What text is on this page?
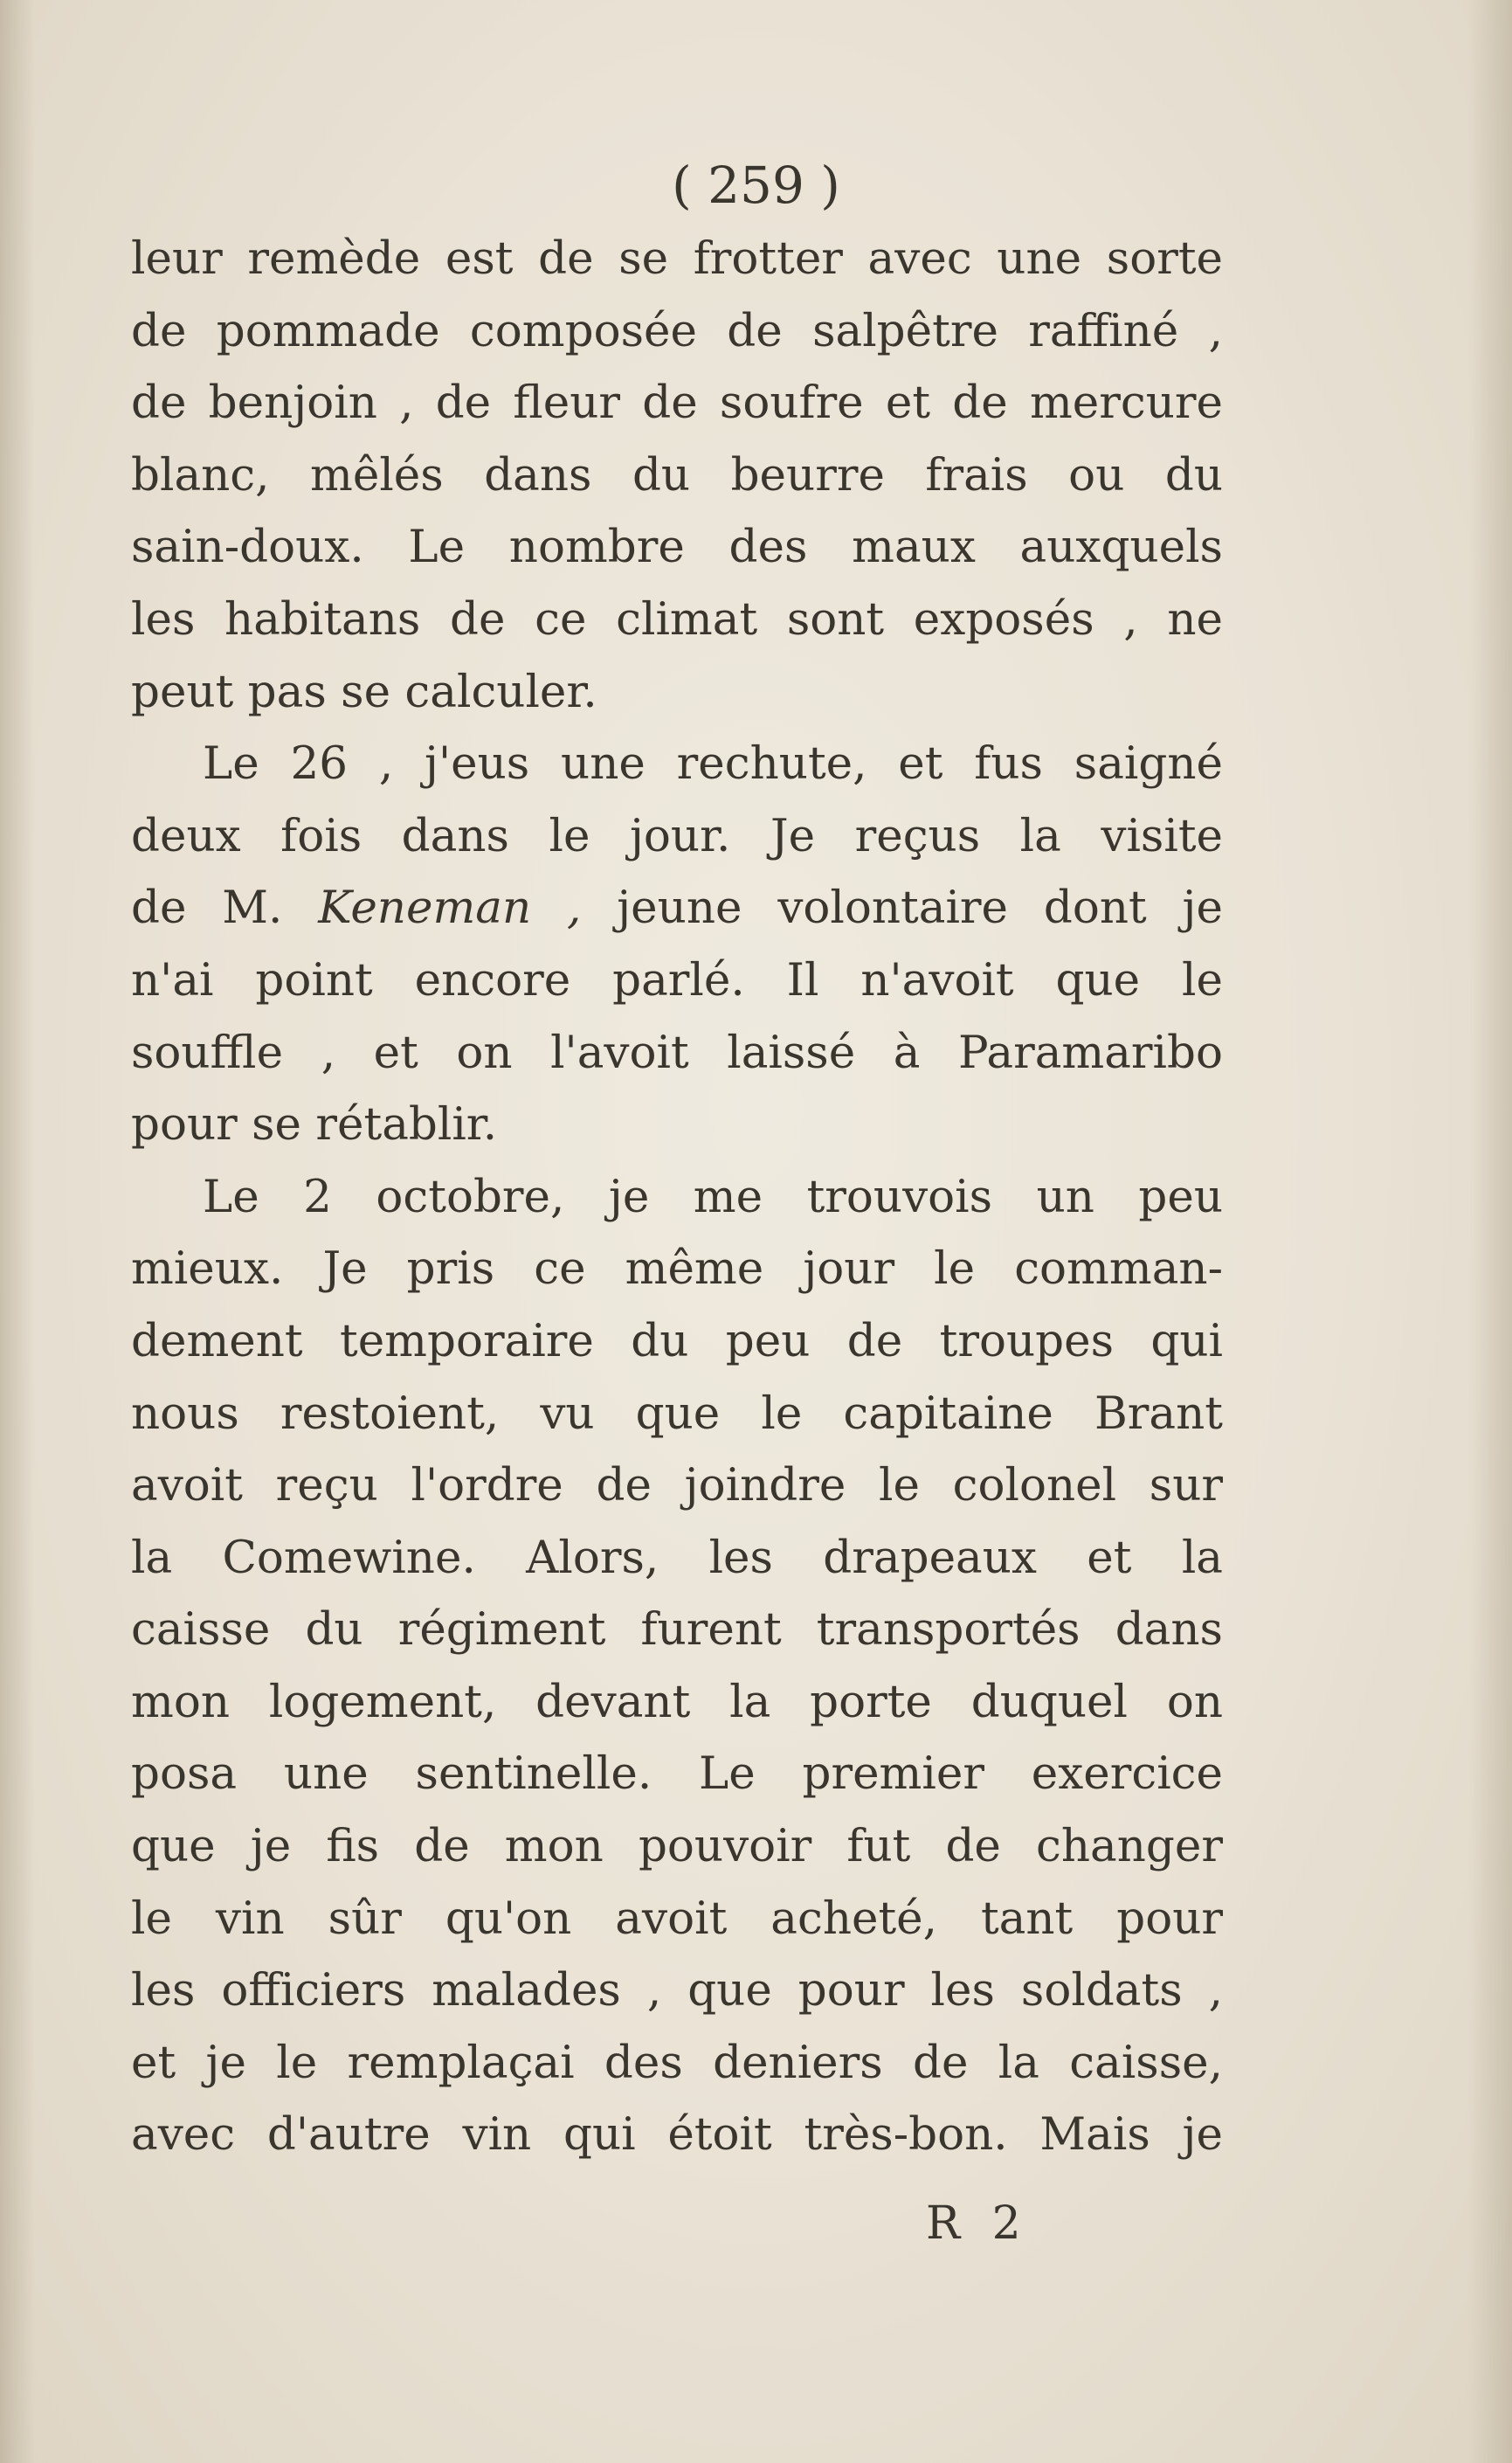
( 259 )
leur remède est de se frotter avec une sorte
de pommade composée de salpêtre raffiné ,
de benjoin , de fleur de soufre et de mercure
blanc, mêlés dans du beurre frais ou du
sain-doux. Le nombre des maux auxquels
les habitans de ce climat sont exposés , ne
peut pas se calculer.
Le 26 , j'eus une rechute, et fus saigné
deux fois dans le jour. Je reçus la visite
de M. Keneman , jeune volontaire dont je
n'ai point encore parlé. Il n'avoit que le
souffle , et on l'avoit laissé à Paramaribo
pour se rétablir.
Le 2 octobre, je me trouvois un peu
mieux. Je pris ce même jour le comman-
dement temporaire du peu de troupes qui
nous restoient, vu que le capitaine Brant
avoit reçu l'ordre de joindre le colonel sur
la Comewine. Alors, les drapeaux et la
caisse du régiment furent transportés dans
mon logement, devant la porte duquel on
posa une sentinelle. Le premier exercice
que je fis de mon pouvoir fut de changer
le vin sûr qu'on avoit acheté, tant pour
les officiers malades , que pour les soldats ,
et je le remplaçai des deniers de la caisse,
avec d'autre vin qui étoit très-bon. Mais je
R 2
